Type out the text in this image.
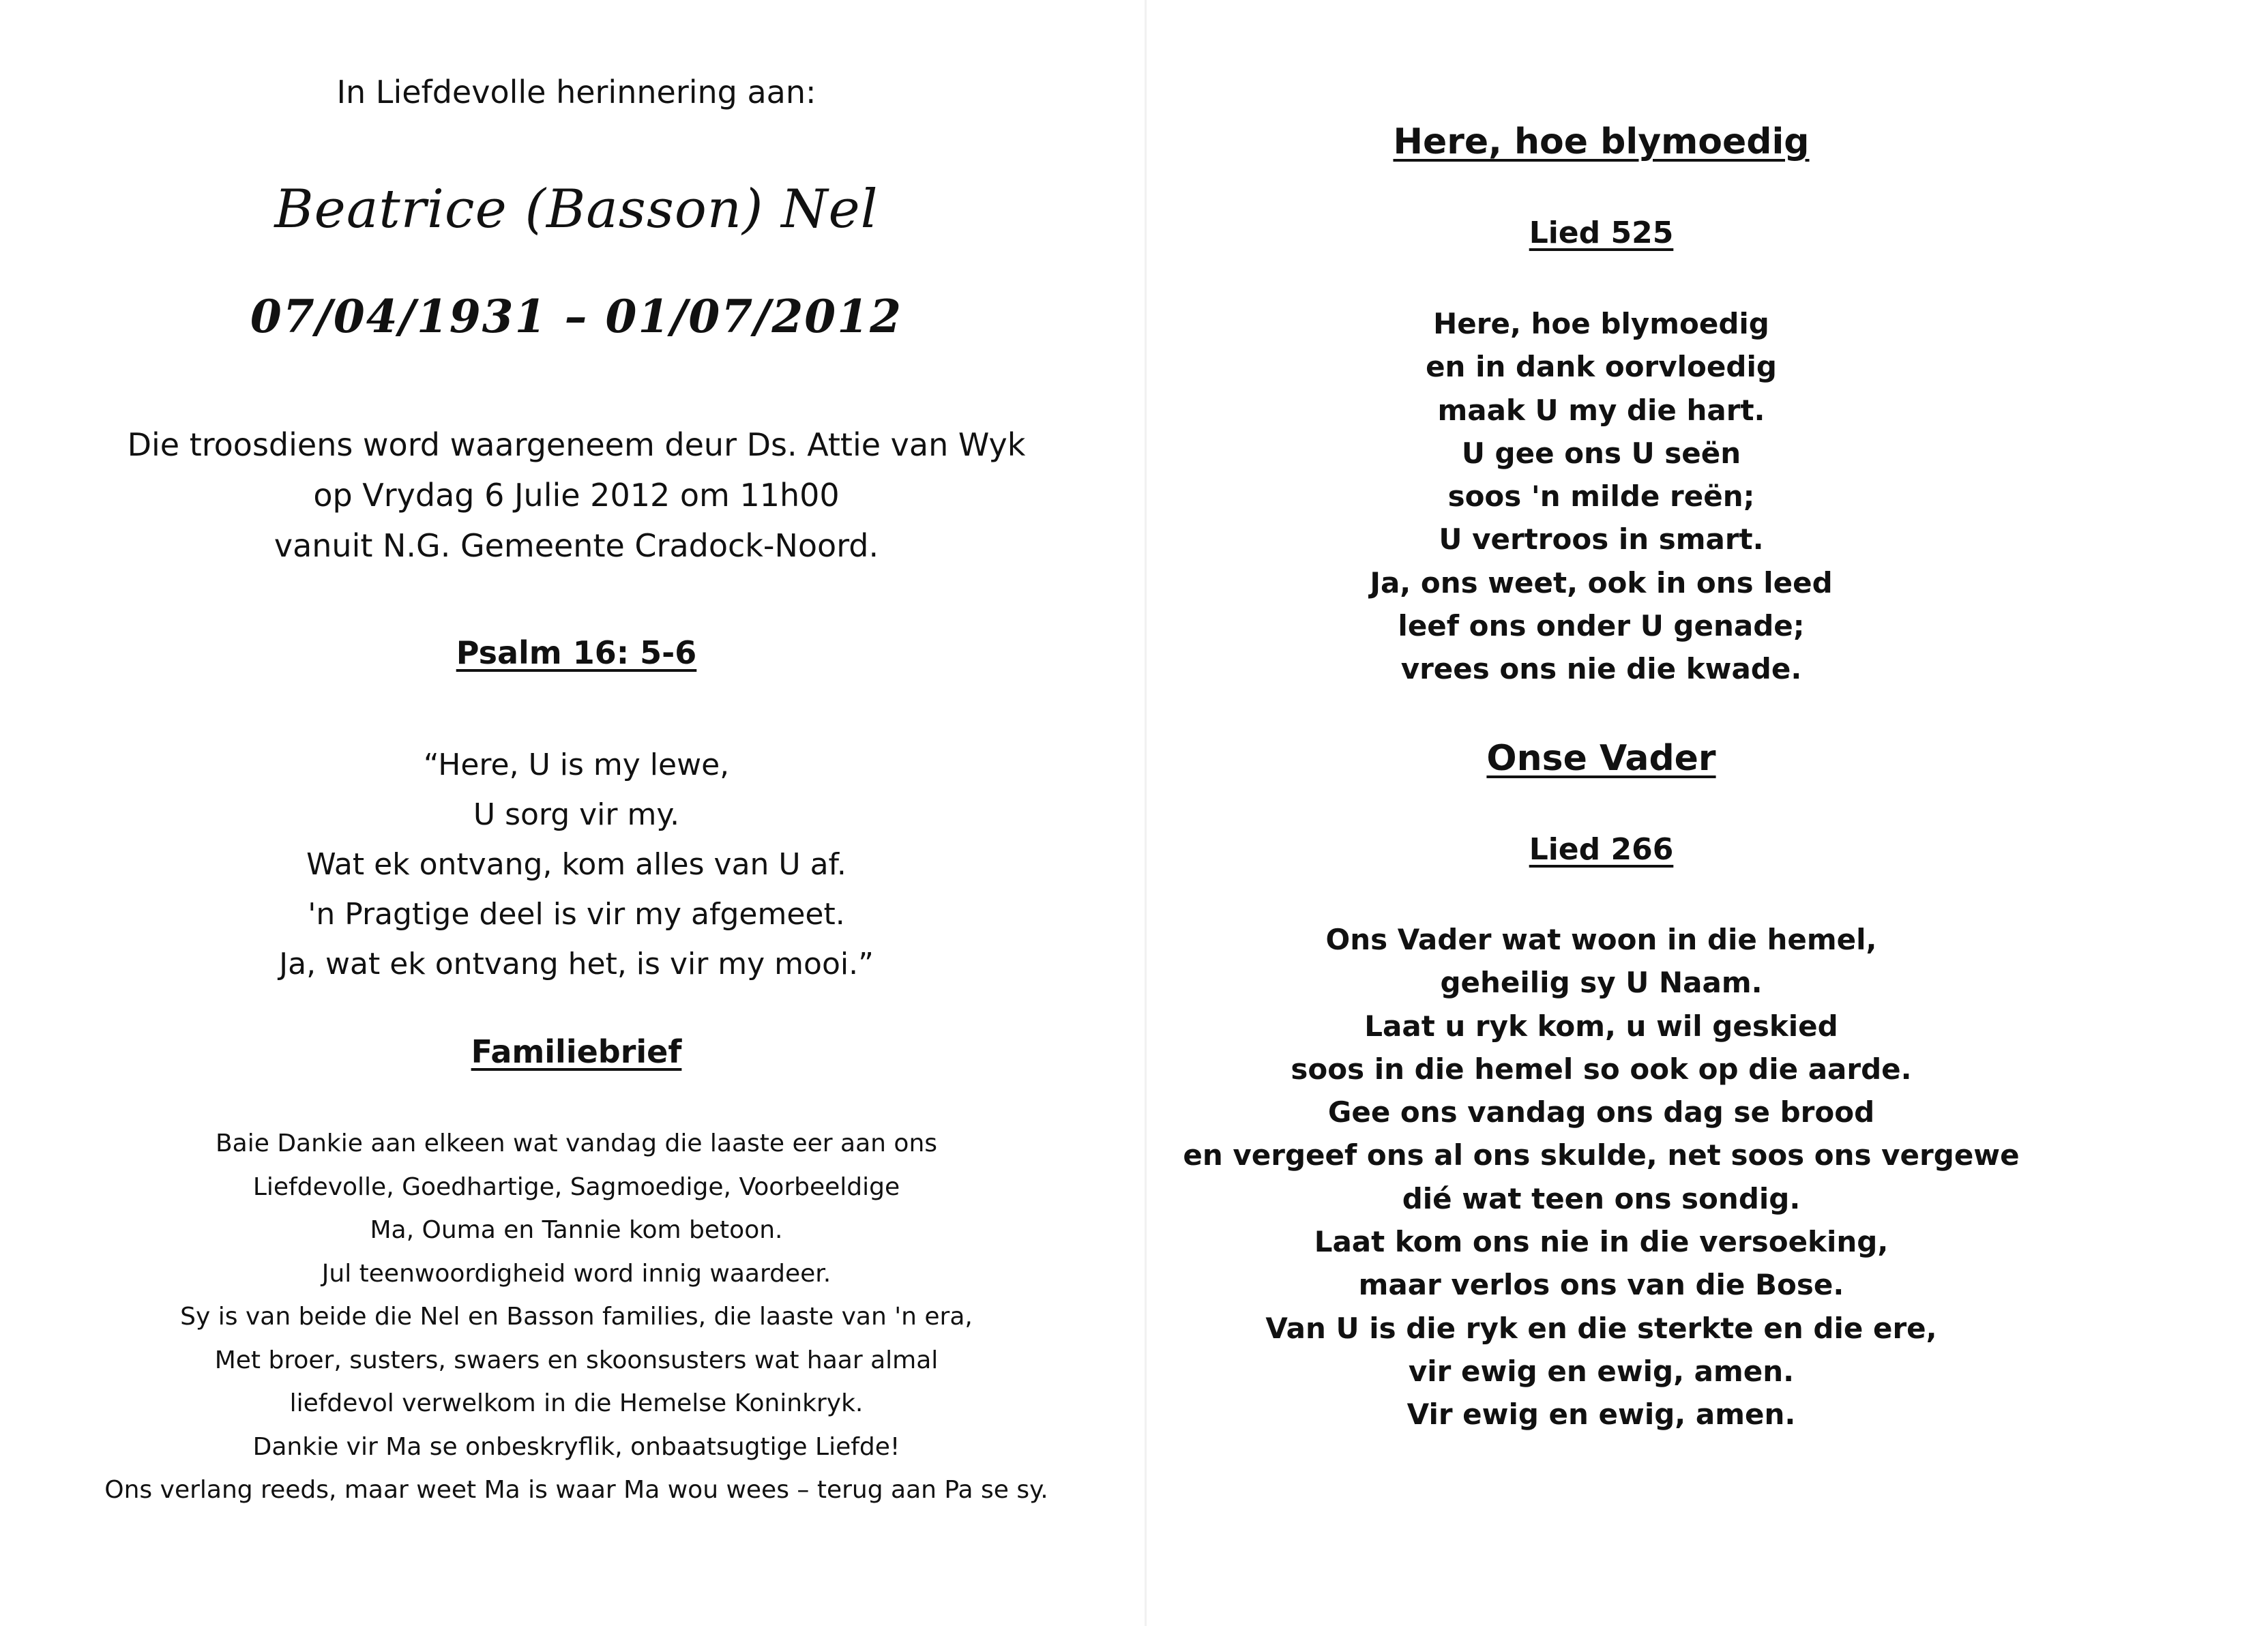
In Liefdevolle herinnering aan:
Beatrice (Basson) Nel
07/04/1931 – 01/07/2012
Die troosdiens word waargeneem deur Ds. Attie van Wyk
op Vrydag 6 Julie 2012 om 11h00
vanuit N.G. Gemeente Cradock-Noord.
Psalm 16: 5-6
“Here, U is my lewe,
U sorg vir my.
Wat ek ontvang, kom alles van U af.
'n Pragtige deel is vir my afgemeet.
Ja, wat ek ontvang het, is vir my mooi.”
Familiebrief
Baie Dankie aan elkeen wat vandag die laaste eer aan ons
Liefdevolle, Goedhartige, Sagmoedige, Voorbeeldige
Ma, Ouma en Tannie kom betoon.
Jul teenwoordigheid word innig waardeer.
Sy is van beide die Nel en Basson families, die laaste van 'n era,
Met broer, susters, swaers en skoonsusters wat haar almal
liefdevol verwelkom in die Hemelse Koninkryk.
Dankie vir Ma se onbeskryflik, onbaatsugtige Liefde!
Ons verlang reeds, maar weet Ma is waar Ma wou wees – terug aan Pa se sy.
Here, hoe blymoedig
Lied 525
Here, hoe blymoedig
en in dank oorvloedig
maak U my die hart.
U gee ons U seën
soos 'n milde reën;
U vertroos in smart.
Ja, ons weet, ook in ons leed
leef ons onder U genade;
vrees ons nie die kwade.
Onse Vader
Lied 266
Ons Vader wat woon in die hemel,
geheilig sy U Naam.
Laat u ryk kom, u wil geskied
soos in die hemel so ook op die aarde.
Gee ons vandag ons dag se brood
en vergeef ons al ons skulde, net soos ons vergewe
dié wat teen ons sondig.
Laat kom ons nie in die versoeking,
maar verlos ons van die Bose.
Van U is die ryk en die sterkte en die ere,
vir ewig en ewig, amen.
Vir ewig en ewig, amen.
